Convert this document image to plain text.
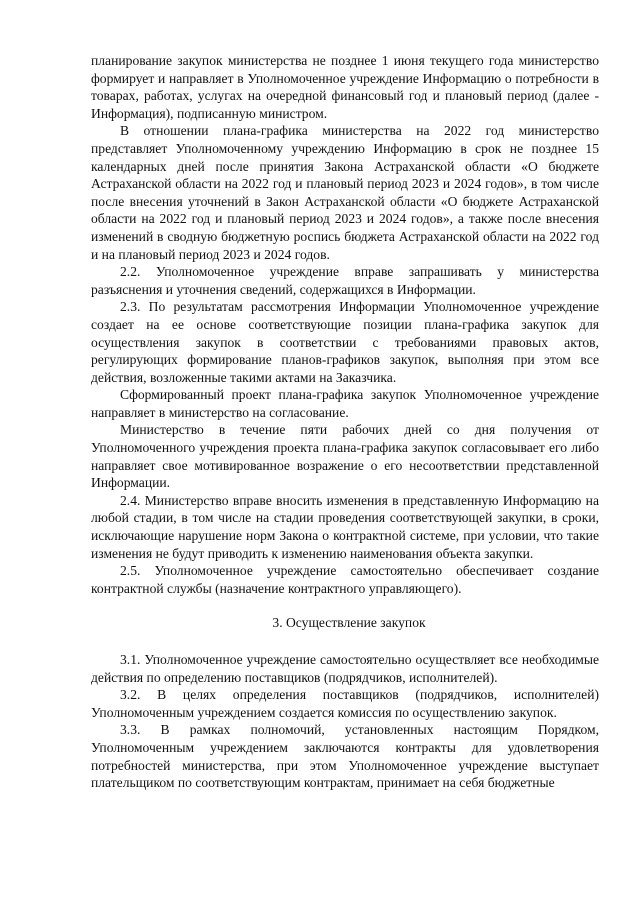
планирование закупок министерства не позднее 1 июня текущего года министерство формирует и направляет в Уполномоченное учреждение Информацию о потребности в товарах, работах, услугах на очередной финансовый год и плановый период (далее - Информация), подписанную министром.

В отношении плана-графика министерства на 2022 год министерство представляет Уполномоченному учреждению Информацию в срок не позднее 15 календарных дней после принятия Закона Астраханской области «О бюджете Астраханской области на 2022 год и плановый период 2023 и 2024 годов», в том числе после внесения уточнений в Закон Астраханской области «О бюджете Астраханской области на 2022 год и плановый период 2023 и 2024 годов», а также после внесения изменений в сводную бюджетную роспись бюджета Астраханской области на 2022 год и на плановый период 2023 и 2024 годов.

2.2. Уполномоченное учреждение вправе запрашивать у министерства разъяснения и уточнения сведений, содержащихся в Информации.

2.3. По результатам рассмотрения Информации Уполномоченное учреждение создает на ее основе соответствующие позиции плана-графика закупок для осуществления закупок в соответствии с требованиями правовых актов, регулирующих формирование планов-графиков закупок, выполняя при этом все действия, возложенные такими актами на Заказчика.

Сформированный проект плана-графика закупок Уполномоченное учреждение направляет в министерство на согласование.

Министерство в течение пяти рабочих дней со дня получения от Уполномоченного учреждения проекта плана-графика закупок согласовывает его либо направляет свое мотивированное возражение о его несоответствии представленной Информации.

2.4. Министерство вправе вносить изменения в представленную Информацию на любой стадии, в том числе на стадии проведения соответствующей закупки, в сроки, исключающие нарушение норм Закона о контрактной системе, при условии, что такие изменения не будут приводить к изменению наименования объекта закупки.

2.5. Уполномоченное учреждение самостоятельно обеспечивает создание контрактной службы (назначение контрактного управляющего).

3. Осуществление закупок

3.1. Уполномоченное учреждение самостоятельно осуществляет все необходимые действия по определению поставщиков (подрядчиков, исполнителей).

3.2. В целях определения поставщиков (подрядчиков, исполнителей) Уполномоченным учреждением создается комиссия по осуществлению закупок.

3.3. В рамках полномочий, установленных настоящим Порядком, Уполномоченным учреждением заключаются контракты для удовлетворения потребностей министерства, при этом Уполномоченное учреждение выступает плательщиком по соответствующим контрактам, принимает на себя бюджетные
